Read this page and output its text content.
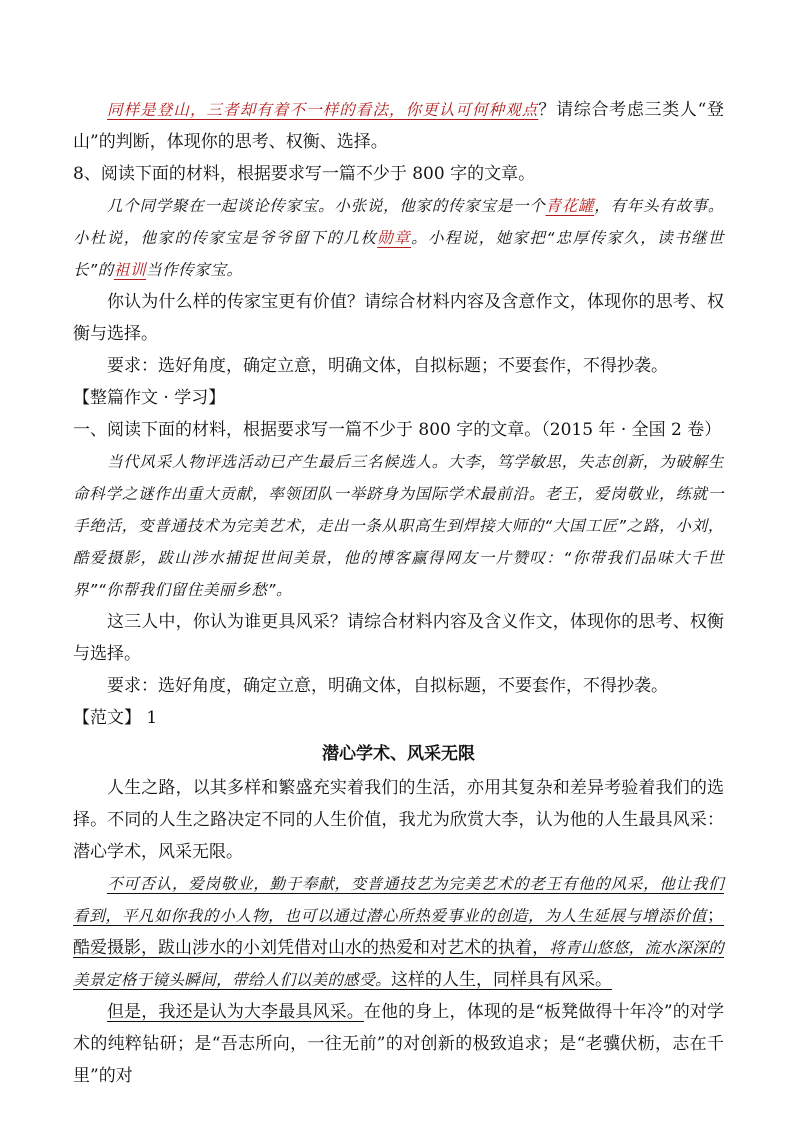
同样是登山，三者却有着不一样的看法，你更认可何种观点？请综合考虑三类人“登山”的判断，体现你的思考、权衡、选择。

8、阅读下面的材料，根据要求写一篇不少于 800 字的文章。

几个同学聚在一起谈论传家宝。小张说，他家的传家宝是一个青花罐，有年头有故事。小杜说，他家的传家宝是爷爷留下的几枚勋章。小程说，她家把“忠厚传家久，读书继世长”的祖训当作传家宝。

你认为什么样的传家宝更有价值？请综合材料内容及含意作文，体现你的思考、权衡与选择。

要求：选好角度，确定立意，明确文体，自拟标题；不要套作，不得抄袭。

【整篇作文 · 学习】

一、阅读下面的材料，根据要求写一篇不少于 800 字的文章。（2015 年 · 全国 2 卷）

当代风采人物评选活动已产生最后三名候选人。大李，笃学敏思，失志创新，为破解生命科学之谜作出重大贡献，率领团队一举跻身为国际学术最前沿。老王，爱岗敬业，练就一手绝活，变普通技术为完美艺术，走出一条从职高生到焊接大师的“大国工匠”之路，小刘，酷爱摄影，跋山涉水捕捉世间美景，他的博客赢得网友一片赞叹：“你带我们品味大千世界”“你帮我们留住美丽乡愁”。

这三人中，你认为谁更具风采？请综合材料内容及含义作文，体现你的思考、权衡与选择。

要求：选好角度，确定立意，明确文体，自拟标题，不要套作，不得抄袭。

【范文】 1

潜心学术、风采无限

人生之路，以其多样和繁盛充实着我们的生活，亦用其复杂和差异考验着我们的选择。不同的人生之路决定不同的人生价值，我尤为欣赏大李，认为他的人生最具风采：潜心学术，风采无限。

不可否认，爱岗敬业，勤于奉献，变普通技艺为完美艺术的老王有他的风采，他让我们看到，平凡如你我的小人物，也可以通过潜心所热爱事业的创造，为人生延展与增添价值；酷爱摄影，跋山涉水的小刘凭借对山水的热爱和对艺术的执着，将青山悠悠，流水深深的美景定格于镜头瞬间，带给人们以美的感受。这样的人生，同样具有风采。

但是，我还是认为大李最具风采。在他的身上，体现的是“板凳做得十年冷”的对学术的纯粹钻研；是“吾志所向，一往无前”的对创新的极致追求；是“老骥伏枥，志在千里”的对
